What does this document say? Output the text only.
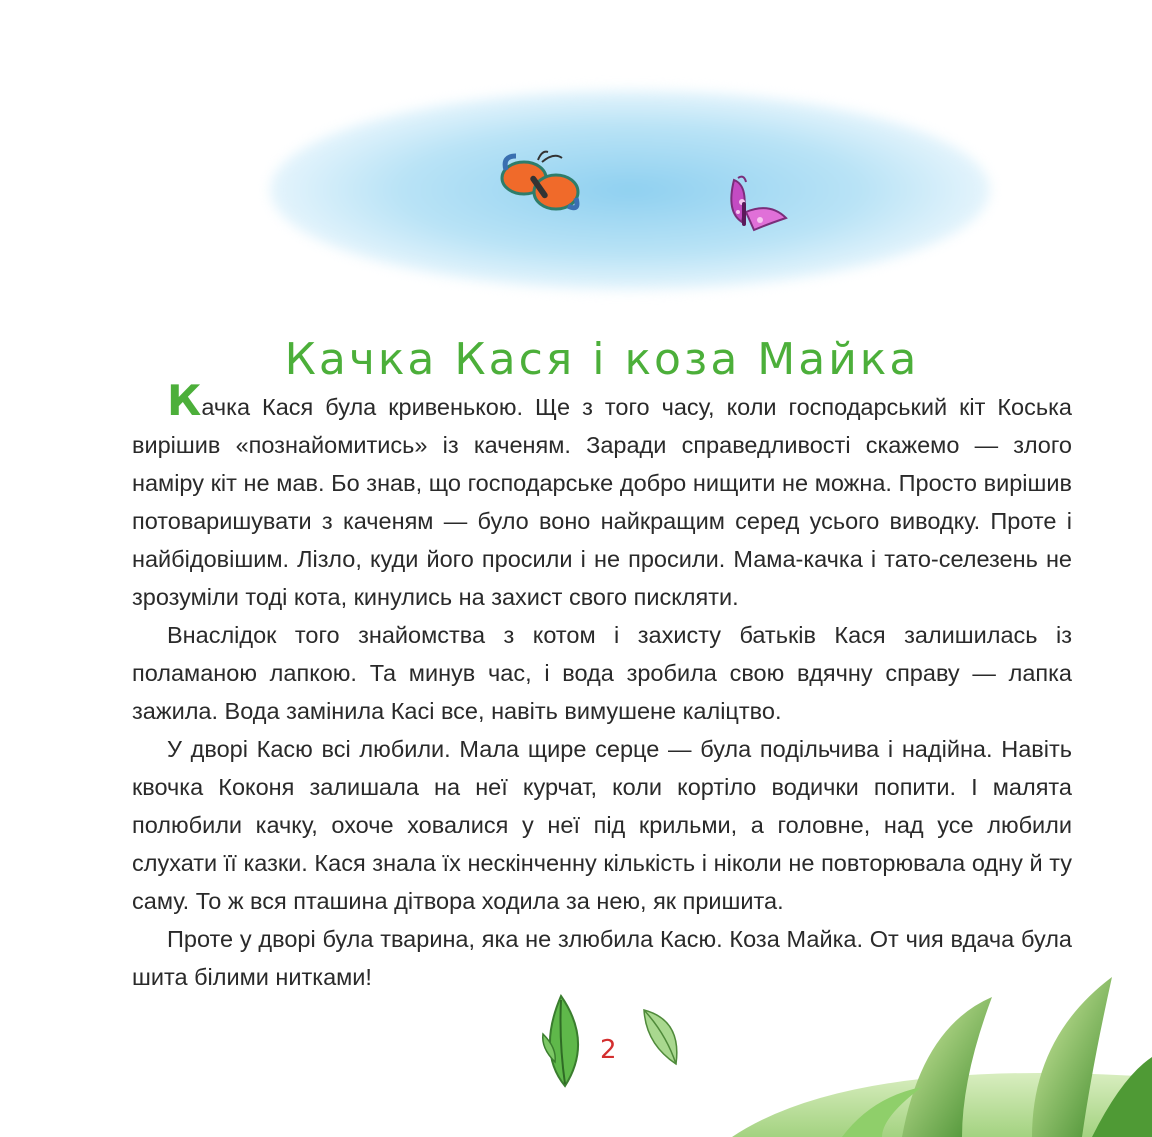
Качка Кася і коза Майка

Качка Кася була кривенькою. Ще з того часу, коли господарський кіт Коська вирішив «познайомитись» із каченям. Заради справедливості скажемо — злого наміру кіт не мав. Бо знав, що господарське добро нищити не можна. Просто вирішив потоваришувати з каченям — було воно найкращим серед усього виводку. Проте і найбідовішим. Лізло, куди його просили і не просили. Мама-качка і тато-селезень не зрозуміли тоді кота, кинулись на захист свого пискляти.

Внаслідок того знайомства з котом і захисту батьків Кася залишилась із поламаною лапкою. Та минув час, і вода зробила свою вдячну справу — лапка зажила. Вода замінила Касі все, навіть вимушене каліцтво.

У дворі Касю всі любили. Мала щире серце — була подільчива і надійна. Навіть квочка Коконя залишала на неї курчат, коли кортіло водички попити. І малята полюбили качку, охоче ховалися у неї під крильми, а головне, над усе любили слухати її казки. Кася знала їх нескінченну кількість і ніколи не повторювала одну й ту саму. То ж вся пташина дітвора ходила за нею, як пришита.

Проте у дворі була тварина, яка не злюбила Касю. Коза Майка. От чия вдача була шита білими нитками!

2
